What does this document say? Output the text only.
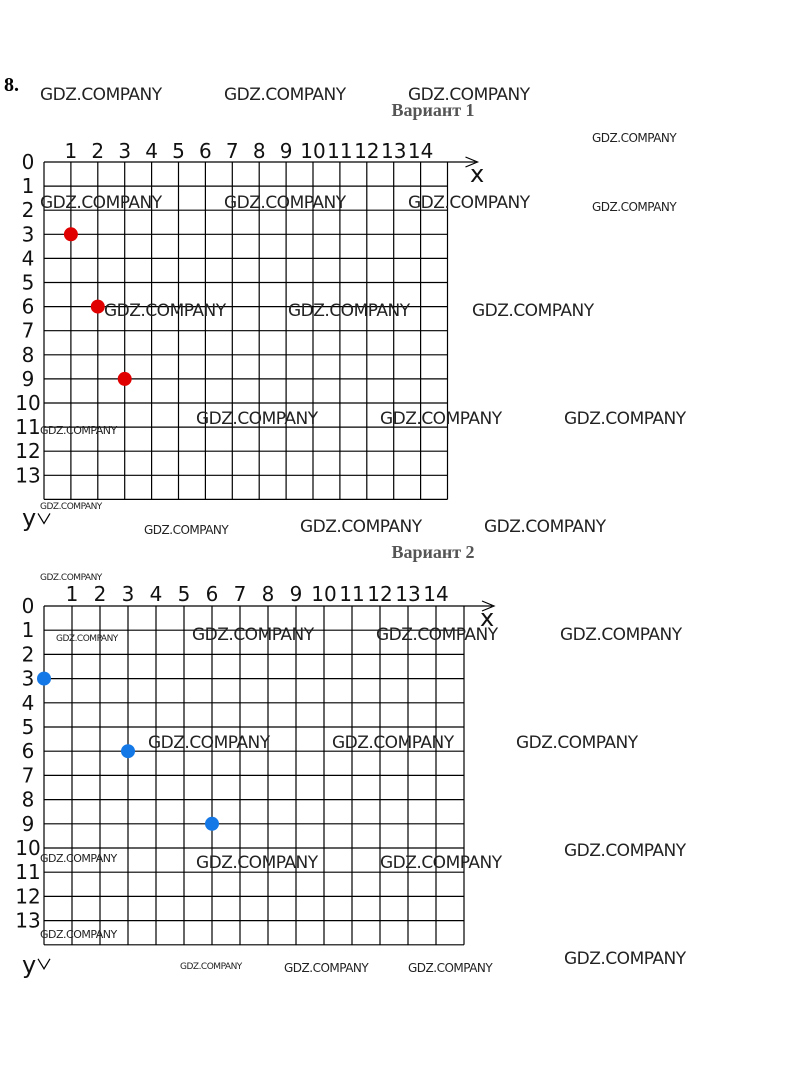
8.
Вариант 1
x
y
1 2 3 4 5 6 7 8 9 10 11 12 13 14
0
1
2
3
4
5
6
7
8
9
10
11
12
13
Вариант 2
x
y
1 2 3 4 5 6 7 8 9 10 11 12 13 14
0
1
2
3
4
5
6
7
8
9
10
11
12
13
GDZ.COMPANY	GDZ.COMPANY	GDZ.COMPANY
GDZ.COMPANY
GDZ.COMPANY	GDZ.COMPANY	GDZ.COMPANY	GDZ.COMPANY
GDZ.COMPANY	GDZ.COMPANY	GDZ.COMPANY
GDZ.COMPANY
GDZ.COMPANY	GDZ.COMPANY	GDZ.COMPANY
GDZ.COMPANY
GDZ.COMPANY	GDZ.COMPANY	GDZ.COMPANY
GDZ.COMPANY
GDZ.COMPANY	GDZ.COMPANY	GDZ.COMPANY	GDZ.COMPANY
GDZ.COMPANY	GDZ.COMPANY	GDZ.COMPANY
GDZ.COMPANY	GDZ.COMPANY
GDZ.COMPANY	GDZ.COMPANY
GDZ.COMPANY
GDZ.COMPANY
GDZ.COMPANY	GDZ.COMPANY	GDZ.COMPANY
